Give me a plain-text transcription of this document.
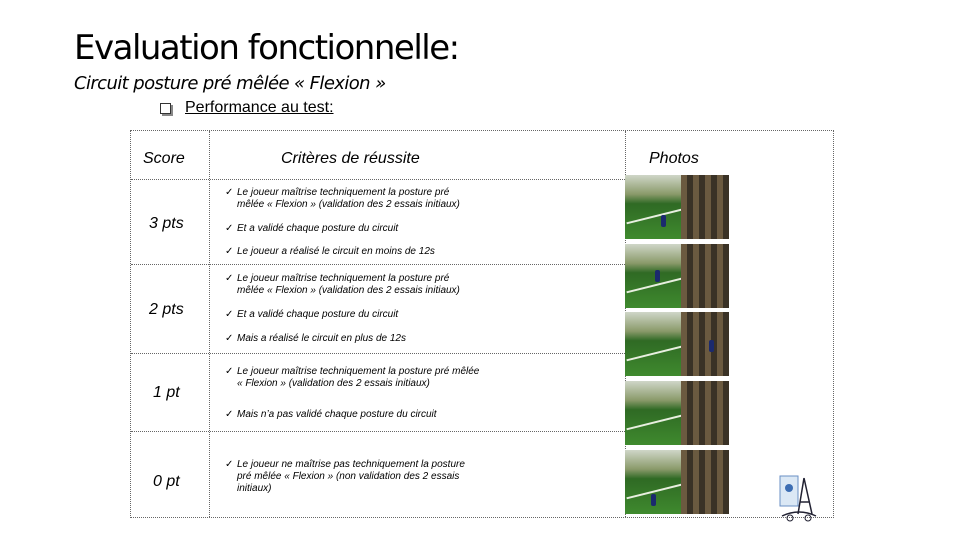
Evaluation fonctionnelle:
Circuit posture pré mêlée « Flexion »
Performance au test:
Score	Critères de réussite	Photos
3 pts
✓ Le joueur maîtrise techniquement la posture pré
mêlée « Flexion » (validation des 2 essais initiaux)
✓ Et a validé chaque posture du circuit
✓ Le joueur a réalisé le circuit en moins de 12s
2 pts
✓ Le joueur maîtrise techniquement la posture pré
mêlée « Flexion » (validation des 2 essais initiaux)
✓ Et a validé chaque posture du circuit
✓ Mais a réalisé le circuit en plus de 12s
1 pt
✓ Le joueur maîtrise techniquement la posture pré mêlée
« Flexion » (validation des 2 essais initiaux)
✓ Mais n’a pas validé chaque posture du circuit
0 pt
✓ Le joueur ne maîtrise pas techniquement la posture
pré mêlée « Flexion » (non validation des 2 essais
initiaux)
